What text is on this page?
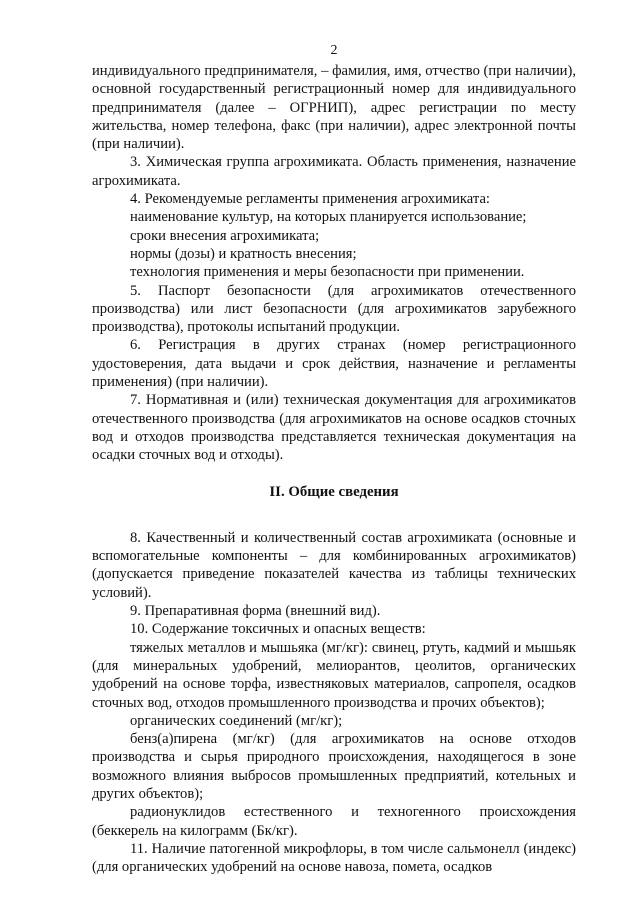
2

индивидуального предпринимателя, – фамилия, имя, отчество (при наличии), основной государственный регистрационный номер для индивидуального предпринимателя (далее – ОГРНИП), адрес регистрации по месту жительства, номер телефона, факс (при наличии), адрес электронной почты (при наличии).

3. Химическая группа агрохимиката. Область применения, назначение агрохимиката.

4. Рекомендуемые регламенты применения агрохимиката:

наименование культур, на которых планируется использование;

сроки внесения агрохимиката;

нормы (дозы) и кратность внесения;

технология применения и меры безопасности при применении.

5. Паспорт безопасности (для агрохимикатов отечественного производства) или лист безопасности (для агрохимикатов зарубежного производства), протоколы испытаний продукции.

6. Регистрация в других странах (номер регистрационного удостоверения, дата выдачи и срок действия, назначение и регламенты применения) (при наличии).

7. Нормативная и (или) техническая документация для агрохимикатов отечественного производства (для агрохимикатов на основе осадков сточных вод и отходов производства представляется техническая документация на осадки сточных вод и отходы).

II. Общие сведения

8. Качественный и количественный состав агрохимиката (основные и вспомогательные компоненты – для комбинированных агрохимикатов) (допускается приведение показателей качества из таблицы технических условий).

9. Препаративная форма (внешний вид).

10. Содержание токсичных и опасных веществ:

тяжелых металлов и мышьяка (мг/кг): свинец, ртуть, кадмий и мышьяк (для минеральных удобрений, мелиорантов, цеолитов, органических удобрений на основе торфа, известняковых материалов, сапропеля, осадков сточных вод, отходов промышленного производства и прочих объектов);

органических соединений (мг/кг);

бенз(а)пирена (мг/кг) (для агрохимикатов на основе отходов производства и сырья природного происхождения, находящегося в зоне возможного влияния выбросов промышленных предприятий, котельных и других объектов);

радионуклидов естественного и техногенного происхождения (беккерель на килограмм (Бк/кг).

11. Наличие патогенной микрофлоры, в том числе сальмонелл (индекс) (для органических удобрений на основе навоза, помета, осадков
